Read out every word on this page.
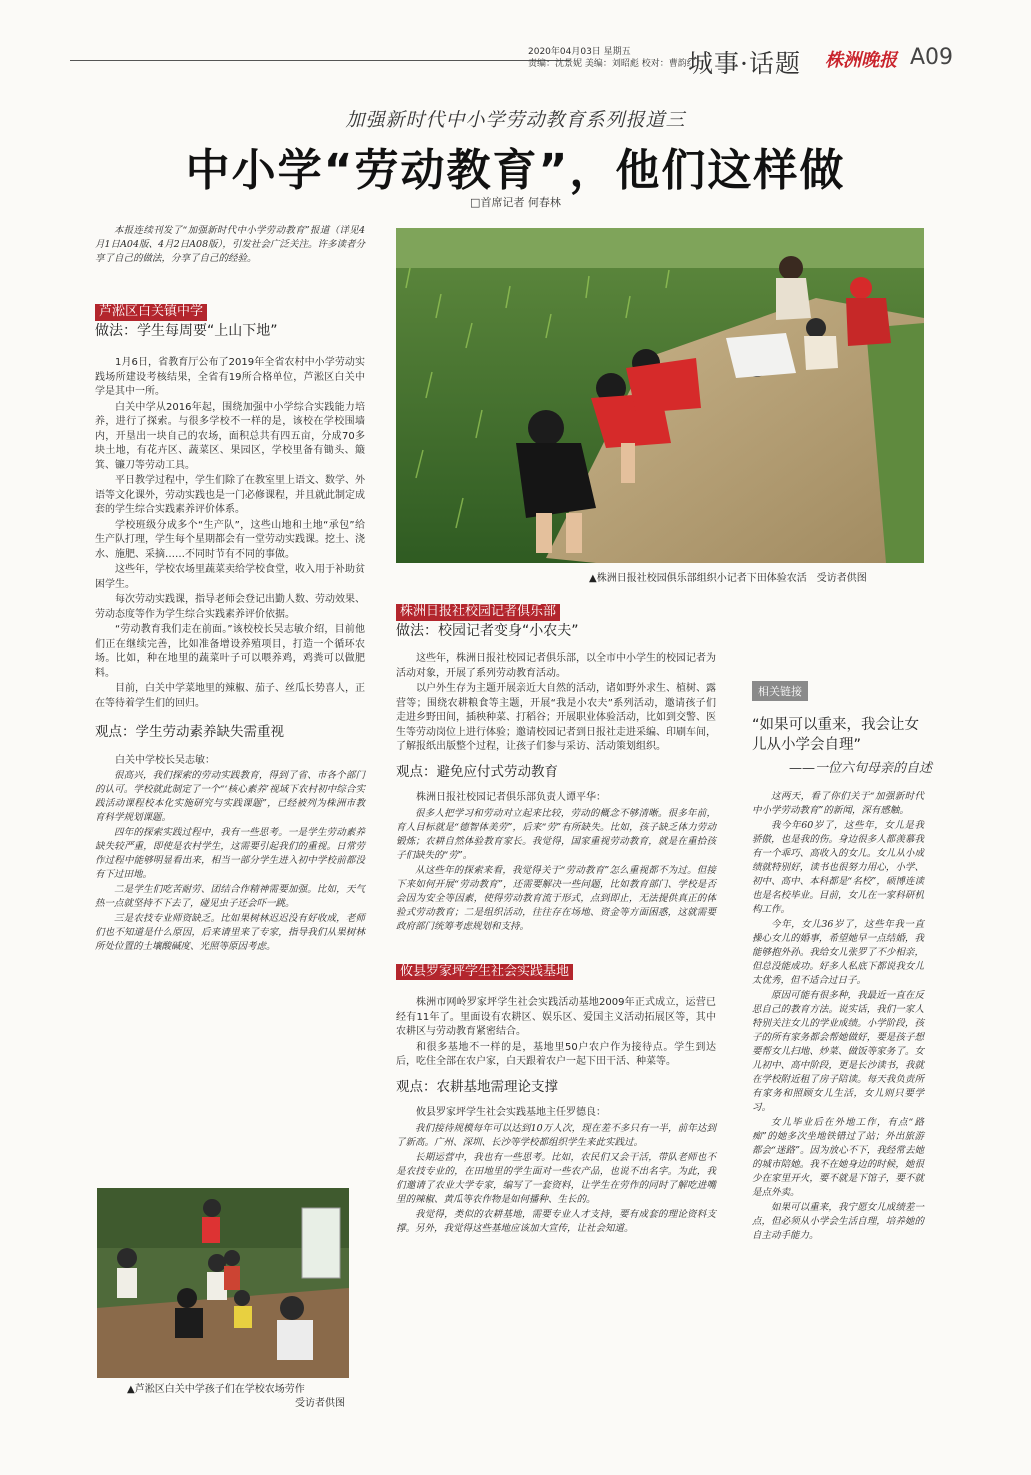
2020年04月03日 星期五
责编：沈景妮 美编：刘昭彪 校对：曹韵红
城事·话题 株洲晚报 A09
加强新时代中小学劳动教育系列报道三
中小学“劳动教育”，他们这样做
□首席记者 何春林

本报连续刊发了“加强新时代中小学劳动教育”报道（详见4月1日A04版、4月2日A08版），引发社会广泛关注。许多读者分享了自己的做法，分享了自己的经验。

芦淞区白关镇中学
做法：学生每周要“上山下地”

1月6日，省教育厅公布了2019年全省农村中小学劳动实践场所建设考核结果，全省有19所合格单位，芦淞区白关中学是其中一所。

白关中学从2016年起，围绕加强中小学综合实践能力培养，进行了探索。与很多学校不一样的是，该校在学校围墙内，开垦出一块自己的农场，面积总共有四五亩，分成70多块土地，有花卉区、蔬菜区、果园区，学校里备有锄头、簸箕、镰刀等劳动工具。

平日教学过程中，学生们除了在教室里上语文、数学、外语等文化课外，劳动实践也是一门必修课程，并且就此制定成套的学生综合实践素养评价体系。

学校班级分成多个“生产队”，这些山地和土地“承包”给生产队打理，学生每个星期都会有一堂劳动实践课。挖土、浇水、施肥、采摘……不同时节有不同的事做。

这些年，学校农场里蔬菜卖给学校食堂，收入用于补助贫困学生。

每次劳动实践课，指导老师会登记出勤人数、劳动效果、劳动态度等作为学生综合实践素养评价依据。

“劳动教育我们走在前面。”该校校长吴志敏介绍，目前他们正在继续完善，比如准备增设养殖项目，打造一个循环农场。比如，种在地里的蔬菜叶子可以喂养鸡，鸡粪可以做肥料。

目前，白关中学菜地里的辣椒、茄子、丝瓜长势喜人，正在等待着学生们的回归。

观点：学生劳动素养缺失需重视

白关中学校长吴志敏：

很高兴，我们探索的劳动实践教育，得到了省、市各个部门的认可。学校就此制定了一个“‘核心素养’视域下农村初中综合实践活动课程校本化实施研究与实践课题”，已经被列为株洲市教育科学规划课题。

四年的探索实践过程中，我有一些思考。一是学生劳动素养缺失较严重，即使是农村学生，这需要引起我们的重视。日常劳作过程中能够明显看出来，相当一部分学生进入初中学校前都没有下过田地。

二是学生们吃苦耐劳、团结合作精神需要加强。比如，天气热一点就坚持不下去了，碰见虫子还会吓一跳。

三是农技专业师资缺乏。比如果树林迟迟没有好收成，老师们也不知道是什么原因，后来请里来了专家，指导我们从果树林所处位置的土壤酸碱度、光照等原因考虑。

▲株洲日报社校园俱乐部组织小记者下田体验农活　受访者供图
株洲日报社校园记者俱乐部
做法：校园记者变身“小农夫”

这些年，株洲日报社校园记者俱乐部，以全市中小学生的校园记者为活动对象，开展了系列劳动教育活动。

以户外生存为主题开展亲近大自然的活动，诸如野外求生、植树、露营等；围绕农耕粮食等主题，开展“我是小农夫”系列活动，邀请孩子们走进乡野田间，插秧种菜、打稻谷；开展职业体验活动，比如到交警、医生等劳动岗位上进行体验；邀请校园记者到日报社走进采编、印刷车间，了解报纸出版整个过程，让孩子们参与采访、活动策划组织。

观点：避免应付式劳动教育

株洲日报社校园记者俱乐部负责人谭平华：

很多人把学习和劳动对立起来比较，劳动的概念不够清晰。很多年前，育人目标就是“德智体美劳”，后来“劳”有所缺失。比如，孩子缺乏体力劳动锻炼；农耕自然体验教育家长。我觉得，国家重视劳动教育，就是在重拾孩子们缺失的“劳”。

从这些年的探索来看，我觉得关于“劳动教育”怎么重视都不为过。但接下来如何开展“劳动教育”，还需要解决一些问题，比如教育部门、学校是否会因为安全等因素，使得劳动教育流于形式，点到即止，无法提供真正的体验式劳动教育；二是组织活动，往往存在场地、资金等方面困惑，这就需要政府部门统筹考虑规划和支持。

攸县罗家坪学生社会实践基地

株洲市网岭罗家坪学生社会实践活动基地2009年正式成立，运营已经有11年了。里面设有农耕区、娱乐区、爱国主义活动拓展区等，其中农耕区与劳动教育紧密结合。

和很多基地不一样的是，基地里50户农户作为接待点。学生到达后，吃住全部在农户家，白天跟着农户一起下田干活、种菜等。

观点：农耕基地需理论支撑

攸县罗家坪学生社会实践基地主任罗德良：

我们接待规模每年可以达到10万人次，现在差不多只有一半，前年达到了新高。广州、深圳、长沙等学校都组织学生来此实践过。

长期运营中，我也有一些思考。比如，农民们又会干活，带队老师也不是农技专业的，在田地里的学生面对一些农产品，也说不出名字。为此，我们邀请了农业大学专家，编写了一套资料，让学生在劳作的同时了解吃进嘴里的辣椒、黄瓜等农作物是如何播种、生长的。

我觉得，类似的农耕基地，需要专业人才支持，要有成套的理论资料支撑。另外，我觉得这些基地应该加大宣传，让社会知道。

▲芦淞区白关中学孩子们在学校农场劳作
受访者供图
相关链接
“如果可以重来，我会让女儿从小学会自理”
——一位六旬母亲的自述

这两天，看了你们关于“加强新时代中小学劳动教育”的新闻，深有感触。

我今年60岁了，这些年，女儿是我骄傲，也是我的伤。身边很多人都羡慕我有一个乖巧、高收入的女儿。女儿从小成绩就特别好，读书也很努力用心，小学、初中、高中、本科都是“名校”，硕博连读也是名校毕业。目前，女儿在一家科研机构工作。

今年，女儿36岁了，这些年我一直操心女儿的婚事，希望她早一点结婚，我能够抱外孙。我给女儿张罗了不少相亲，但总没能成功。好多人私底下都说我女儿太优秀，但不适合过日子。

原因可能有很多种，我最近一直在反思自己的教育方法。说实话，我们一家人特别关注女儿的学业成绩。小学阶段，孩子的所有家务都会帮她做好，要是孩子想要帮女儿扫地、炒菜、做饭等家务了。女儿初中、高中阶段，更是长沙读书，我就在学校附近租了房子陪读。每天我负责所有家务和照顾女儿生活，女儿则只要学习。

女儿毕业后在外地工作，有点“路痴”的她多次坐地铁错过了站；外出旅游都会“迷路”。因为放心不下，我经常去她的城市陪她。我不在她身边的时候，她很少在家里开火，要不就是下馆子，要不就是点外卖。

如果可以重来，我宁愿女儿成绩差一点，但必须从小学会生活自理，培养她的自主动手能力。
